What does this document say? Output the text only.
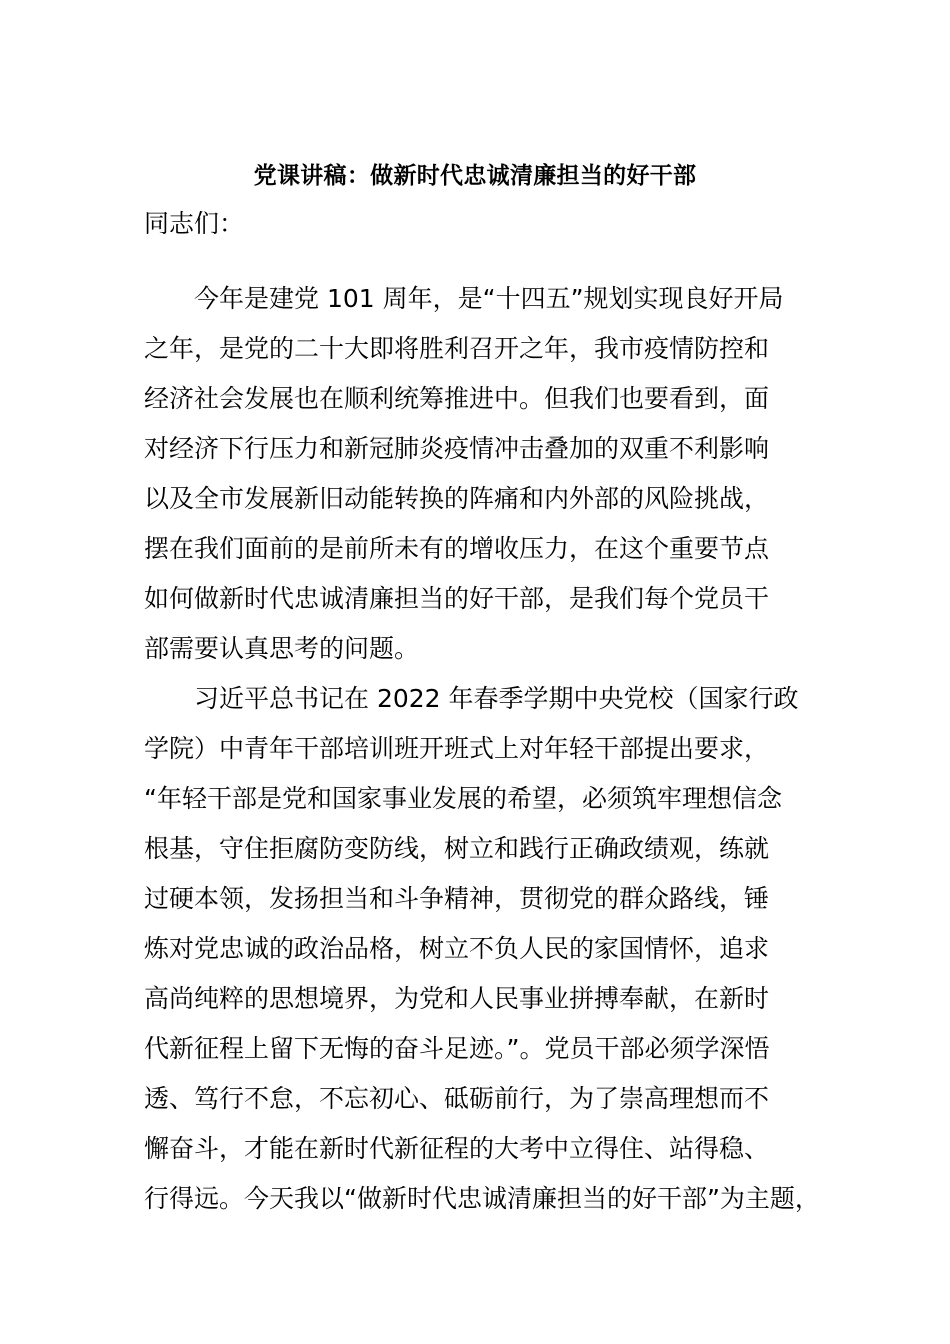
党课讲稿：做新时代忠诚清廉担当的好干部
同志们：
今年是建党 101 周年，是“十四五”规划实现良好开局
之年，是党的二十大即将胜利召开之年，我市疫情防控和
经济社会发展也在顺利统筹推进中。但我们也要看到，面
对经济下行压力和新冠肺炎疫情冲击叠加的双重不利影响
以及全市发展新旧动能转换的阵痛和内外部的风险挑战，
摆在我们面前的是前所未有的增收压力，在这个重要节点
如何做新时代忠诚清廉担当的好干部，是我们每个党员干
部需要认真思考的问题。
习近平总书记在 2022 年春季学期中央党校（国家行政
学院）中青年干部培训班开班式上对年轻干部提出要求，
“年轻干部是党和国家事业发展的希望，必须筑牢理想信念
根基，守住拒腐防变防线，树立和践行正确政绩观，练就
过硬本领，发扬担当和斗争精神，贯彻党的群众路线，锤
炼对党忠诚的政治品格，树立不负人民的家国情怀，追求
高尚纯粹的思想境界，为党和人民事业拼搏奉献，在新时
代新征程上留下无悔的奋斗足迹。”。党员干部必须学深悟
透、笃行不怠，不忘初心、砥砺前行，为了崇高理想而不
懈奋斗，才能在新时代新征程的大考中立得住、站得稳、
行得远。今天我以“做新时代忠诚清廉担当的好干部”为主题，
